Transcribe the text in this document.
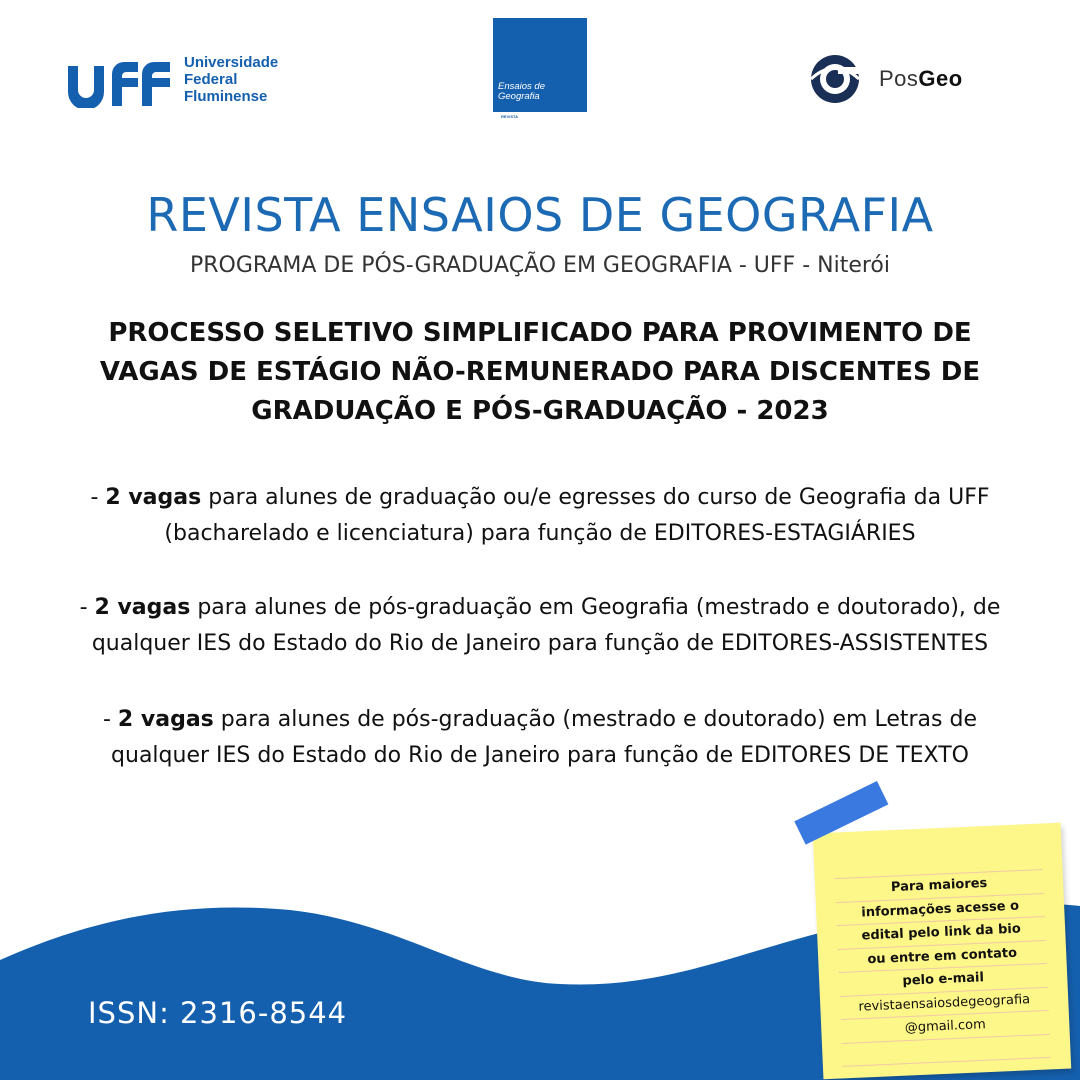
Universidade
Federal
Fluminense
Ensaios de
Geografia
REVISTA
PosGeo
REVISTA ENSAIOS DE GEOGRAFIA
PROGRAMA DE PÓS-GRADUAÇÃO EM GEOGRAFIA - UFF - Niterói
PROCESSO SELETIVO SIMPLIFICADO PARA PROVIMENTO DE
VAGAS DE ESTÁGIO NÃO-REMUNERADO PARA DISCENTES DE
GRADUAÇÃO E PÓS-GRADUAÇÃO - 2023
- 2 vagas para alunes de graduação ou/e egresses do curso de Geografia da UFF
(bacharelado e licenciatura) para função de EDITORES-ESTAGIÁRIES
- 2 vagas para alunes de pós-graduação em Geografia (mestrado e doutorado), de
qualquer IES do Estado do Rio de Janeiro para função de EDITORES-ASSISTENTES
- 2 vagas para alunes de pós-graduação (mestrado e doutorado) em Letras de
qualquer IES do Estado do Rio de Janeiro para função de EDITORES DE TEXTO
ISSN: 2316-8544
Para maiores
informações acesse o
edital pelo link da bio
ou entre em contato
pelo e-mail
revistaensaiosdegeografia
@gmail.com
